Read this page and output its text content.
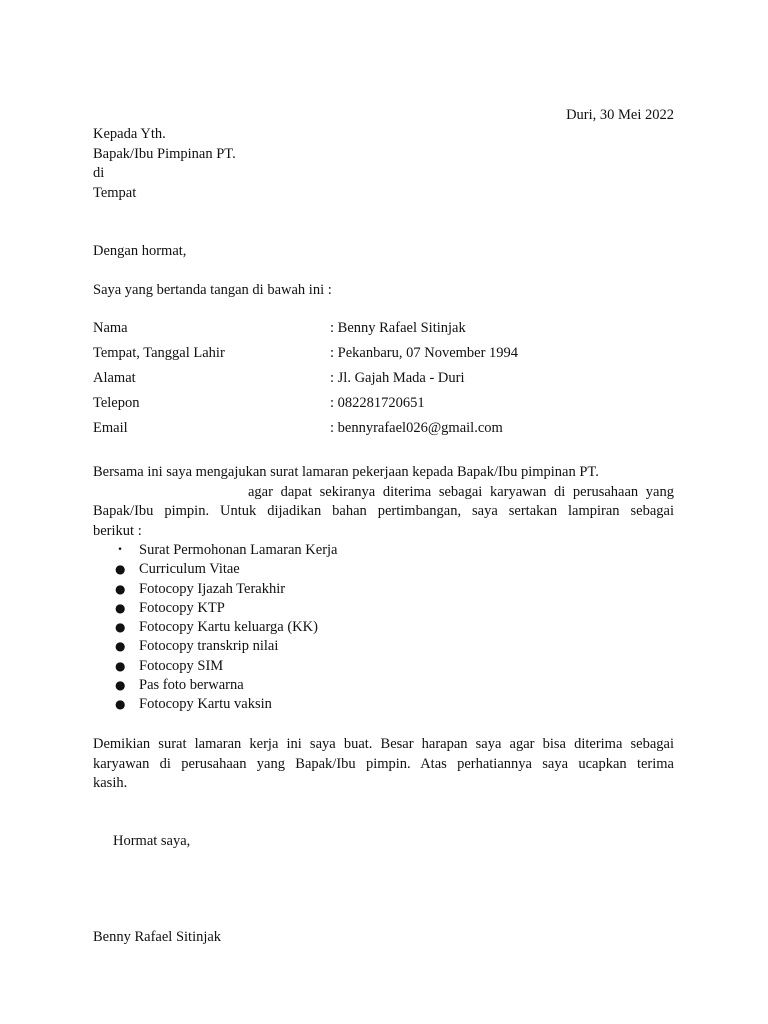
Duri, 30 Mei 2022
Kepada Yth.
Bapak/Ibu Pimpinan PT.
di
Tempat
Dengan hormat,
Saya yang bertanda tangan di bawah ini :
Nama	: Benny Rafael Sitinjak
Tempat, Tanggal Lahir	: Pekanbaru, 07 November 1994
Alamat	: Jl. Gajah Mada - Duri
Telepon	: 082281720651
Email	: bennyrafael026@gmail.com
Bersama ini saya mengajukan surat lamaran pekerjaan kepada Bapak/Ibu pimpinan PT.
agar dapat sekiranya diterima sebagai karyawan di perusahaan yang
Bapak/Ibu pimpin. Untuk dijadikan bahan pertimbangan, saya sertakan lampiran sebagai
berikut :
• Surat Permohonan Lamaran Kerja
● Curriculum Vitae
● Fotocopy Ijazah Terakhir
● Fotocopy KTP
● Fotocopy Kartu keluarga (KK)
● Fotocopy transkrip nilai
● Fotocopy SIM
● Pas foto berwarna
● Fotocopy Kartu vaksin
Demikian surat lamaran kerja ini saya buat. Besar harapan saya agar bisa diterima sebagai
karyawan di perusahaan yang Bapak/Ibu pimpin. Atas perhatiannya saya ucapkan terima
kasih.
Hormat saya,
Benny Rafael Sitinjak
